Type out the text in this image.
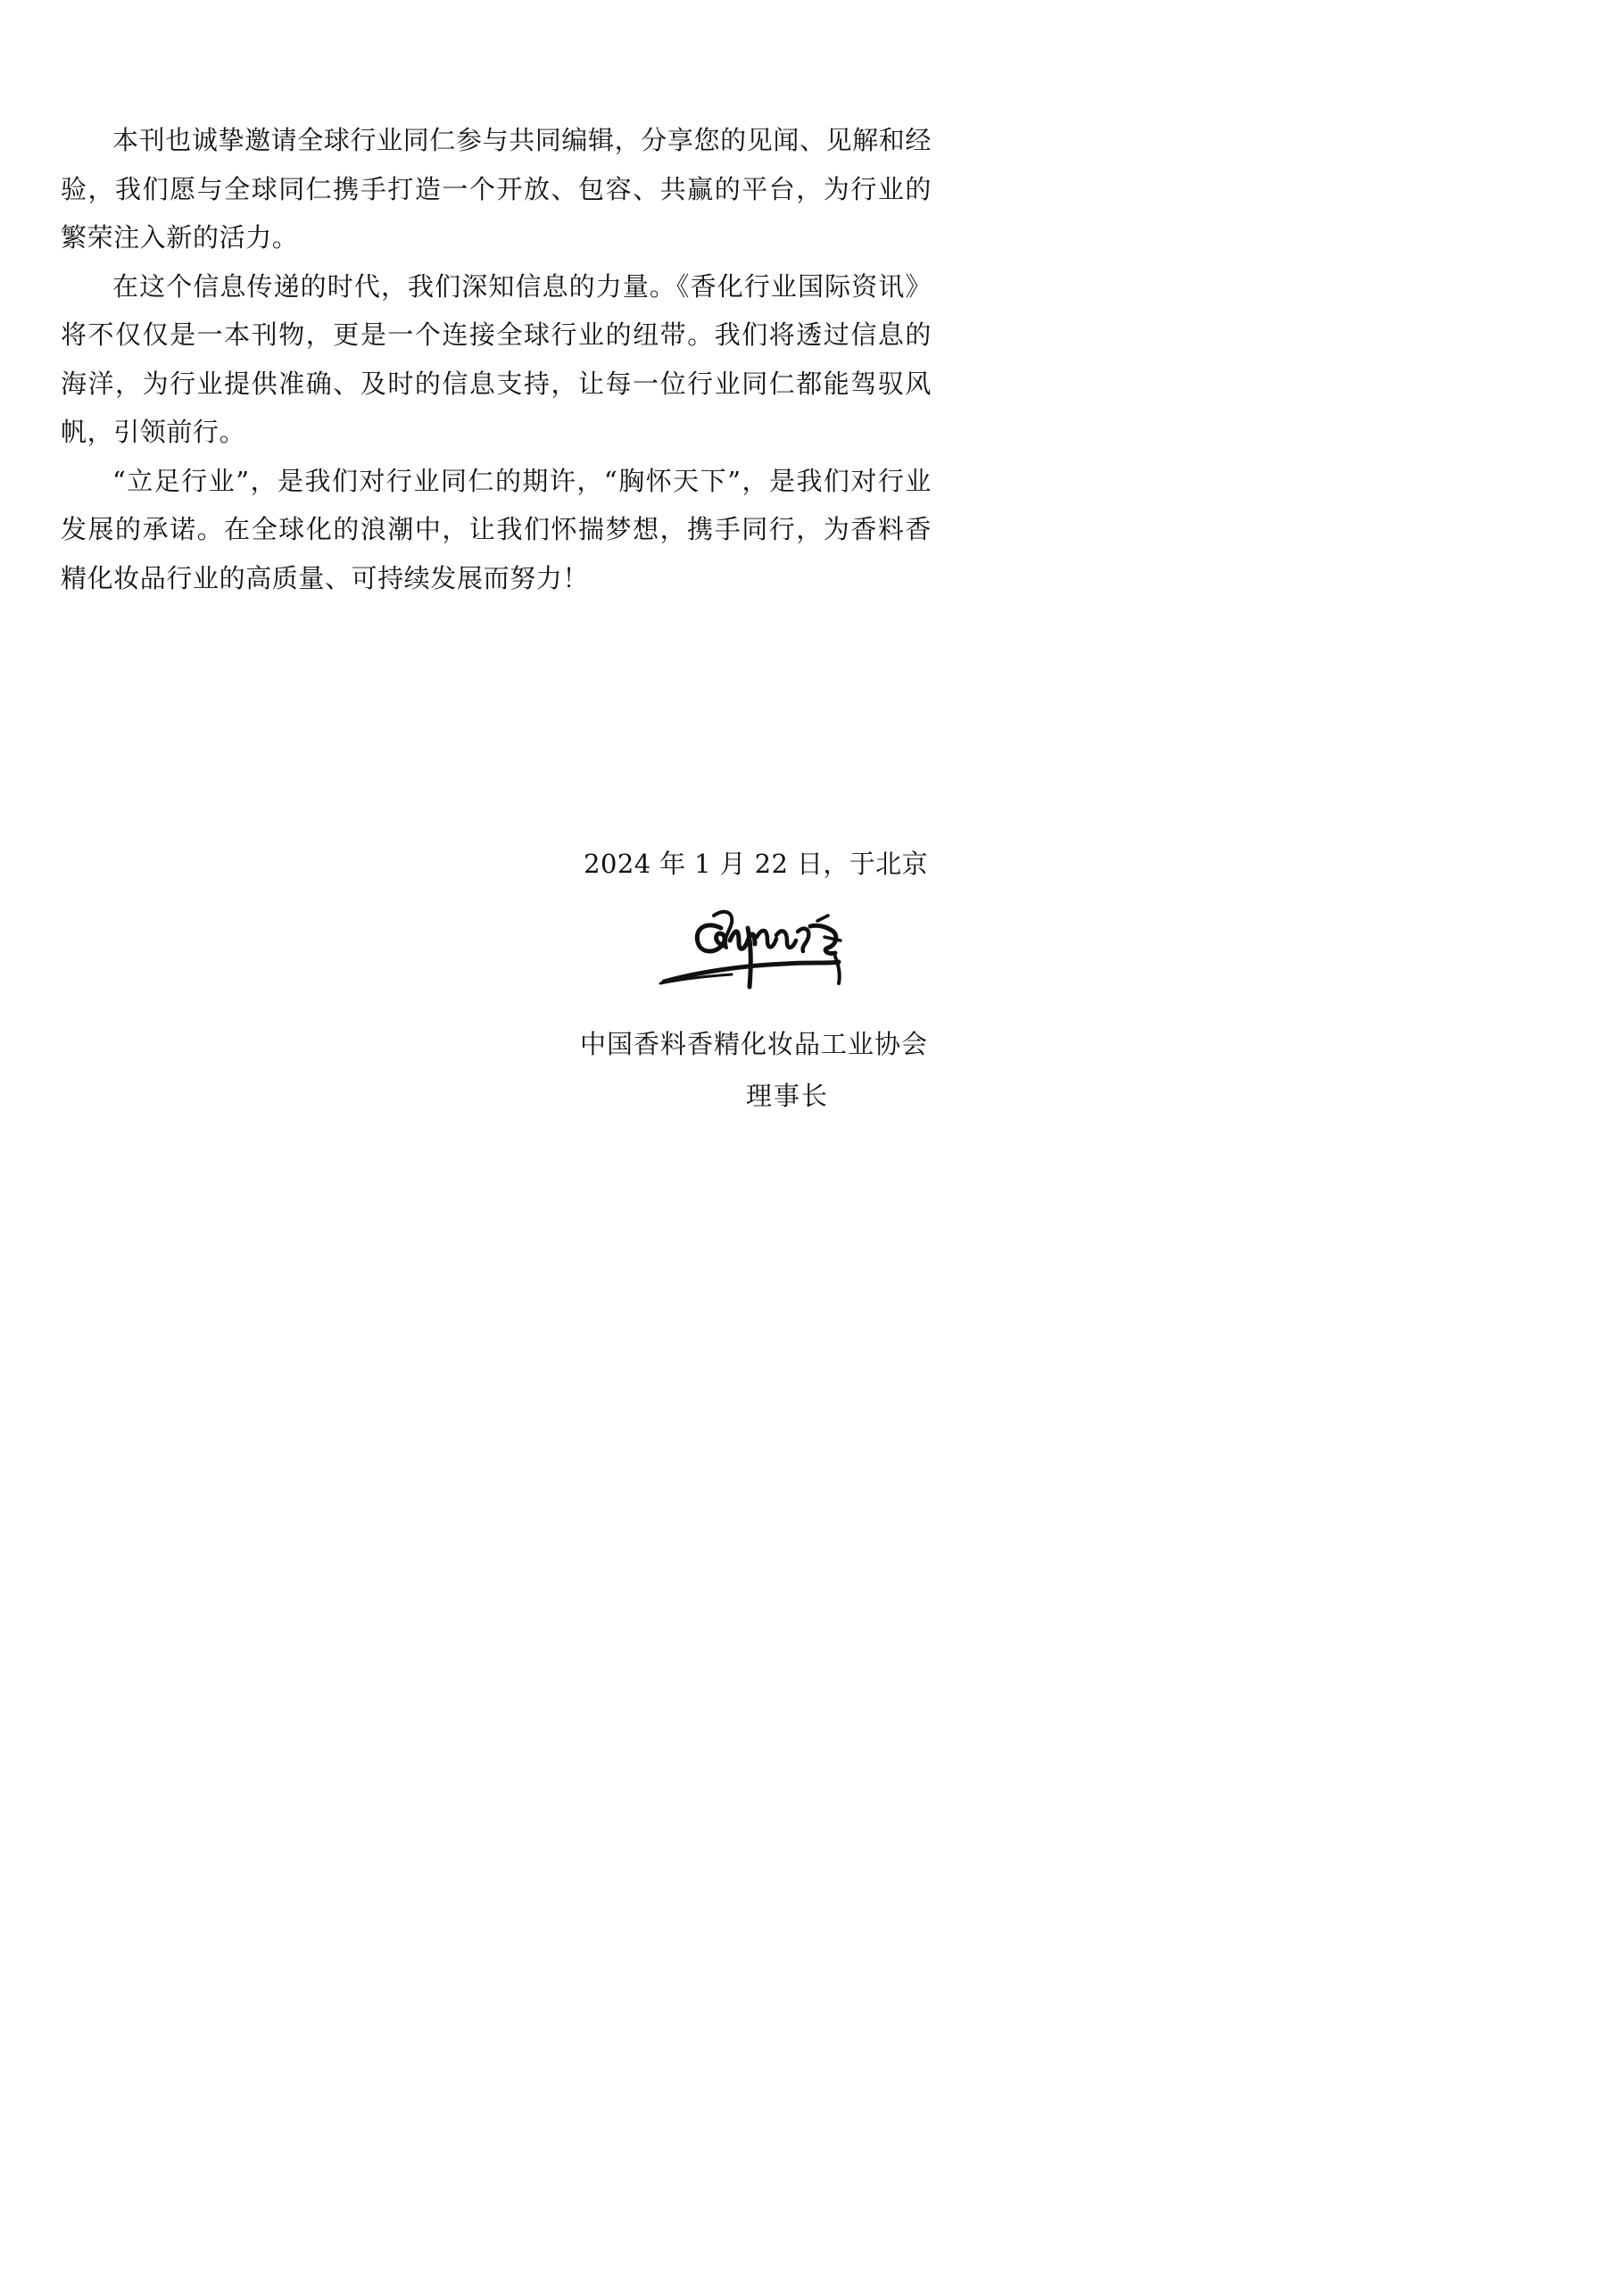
本刊也诚挚邀请全球行业同仁参与共同编辑，分享您的见闻、见解和经验，我们愿与全球同仁携手打造一个开放、包容、共赢的平台，为行业的繁荣注入新的活力。

在这个信息传递的时代，我们深知信息的力量。《香化行业国际资讯》将不仅仅是一本刊物，更是一个连接全球行业的纽带。我们将透过信息的海洋，为行业提供准确、及时的信息支持，让每一位行业同仁都能驾驭风帆，引领前行。

“立足行业”，是我们对行业同仁的期许，“胸怀天下”，是我们对行业发展的承诺。在全球化的浪潮中，让我们怀揣梦想，携手同行，为香料香精化妆品行业的高质量、可持续发展而努力！

2024 年 1 月 22 日，于北京
中国香料香精化妆品工业协会
理事长
